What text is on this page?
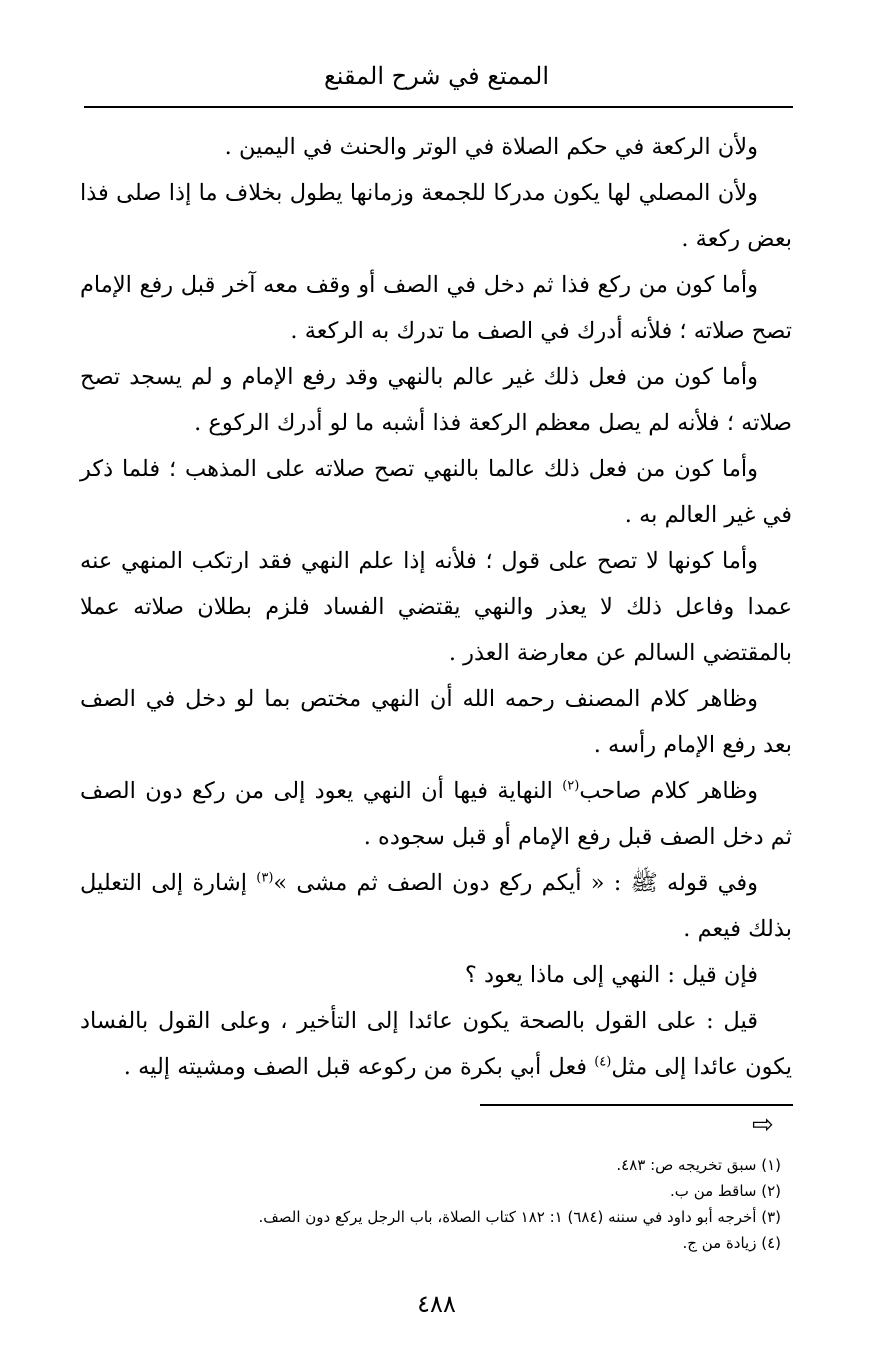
الممتع في شرح المقنع

ولأن الركعة في حكم الصلاة في الوتر والحنث في اليمين .

ولأن المصلي لها يكون مدركا للجمعة وزمانها يطول بخلاف ما إذا صلى فذا بعض ركعة .

وأما كون من ركع فذا ثم دخل في الصف أو وقف معه آخر قبل رفع الإمام تصح صلاته ؛ فلأنه أدرك في الصف ما تدرك به الركعة .

وأما كون من فعل ذلك غير عالم بالنهي وقد رفع الإمام و لم يسجد تصح صلاته ؛ فلأنه لم يصل معظم الركعة فذا أشبه ما لو أدرك الركوع .

وأما كون من فعل ذلك عالما بالنهي تصح صلاته على المذهب ؛ فلما ذكر في غير العالم به .

وأما كونها لا تصح على قول ؛ فلأنه إذا علم النهي فقد ارتكب المنهي عنه عمدا وفاعل ذلك لا يعذر والنهي يقتضي الفساد فلزم بطلان صلاته عملا بالمقتضي السالم عن معارضة العذر .

وظاهر كلام المصنف رحمه الله أن النهي مختص بما لو دخل في الصف بعد رفع الإمام رأسه .

وظاهر كلام صاحب$^{(٢)}$ النهاية فيها أن النهي يعود إلى من ركع دون الصف ثم دخل الصف قبل رفع الإمام أو قبل سجوده .

وفي قوله ﷺ : « أيكم ركع دون الصف ثم مشى »$^{(٣)}$ إشارة إلى التعليل بذلك فيعم .

فإن قيل : النهي إلى ماذا يعود ؟

قيل : على القول بالصحة يكون عائدا إلى التأخير ، وعلى القول بالفساد يكون عائدا إلى مثل$^{(٤)}$ فعل أبي بكرة من ركوعه قبل الصف ومشيته إليه .

⇨
(١) سبق تخريجه ص: ٤٨٣.
(٢) ساقط من ب.
(٣) أخرجه أبو داود في سننه (٦٨٤) ١: ١٨٢ كتاب الصلاة، باب الرجل يركع دون الصف.
(٤) زيادة من ج.
٤٨٨
